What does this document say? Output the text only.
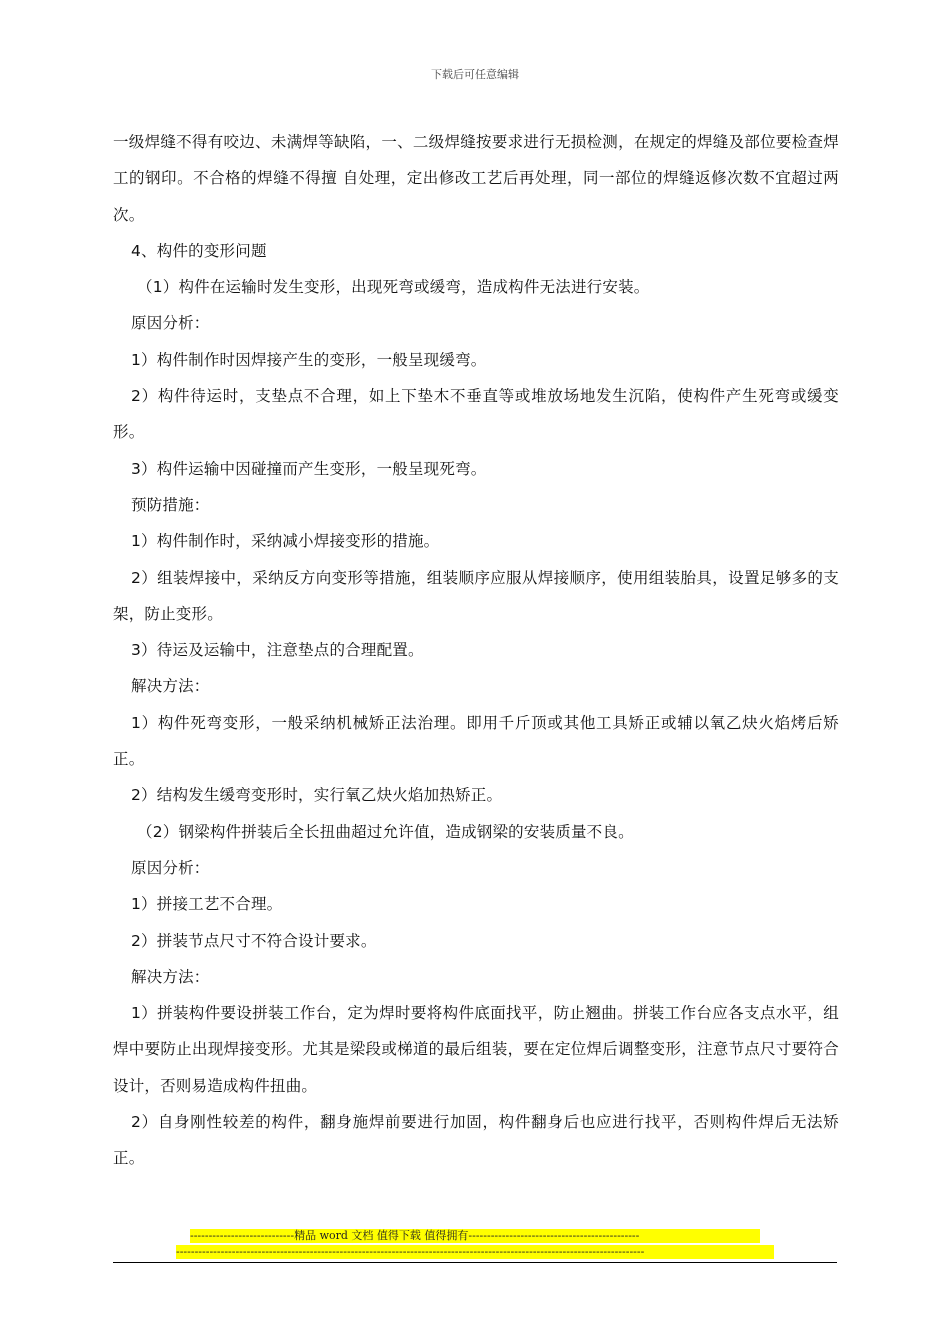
下载后可任意编辑

一级焊缝不得有咬边、未满焊等缺陷，一、二级焊缝按要求进行无损检测，在规定的焊缝及部位要检查焊工的钢印。不合格的焊缝不得擅 自处理，定出修改工艺后再处理，同一部位的焊缝返修次数不宜超过两次。

4、构件的变形问题

（1）构件在运输时发生变形，出现死弯或缓弯，造成构件无法进行安装。

原因分析：

1）构件制作时因焊接产生的变形，一般呈现缓弯。

2）构件待运时，支垫点不合理，如上下垫木不垂直等或堆放场地发生沉陷，使构件产生死弯或缓变形。

3）构件运输中因碰撞而产生变形，一般呈现死弯。

预防措施：

1）构件制作时，采纳减小焊接变形的措施。

2）组装焊接中，采纳反方向变形等措施，组装顺序应服从焊接顺序，使用组装胎具，设置足够多的支架，防止变形。

3）待运及运输中，注意垫点的合理配置。

解决方法：

1）构件死弯变形，一般采纳机械矫正法治理。即用千斤顶或其他工具矫正或辅以氧乙炔火焰烤后矫正。

2）结构发生缓弯变形时，实行氧乙炔火焰加热矫正。

（2）钢梁构件拼装后全长扭曲超过允许值，造成钢梁的安装质量不良。

原因分析：

1）拼接工艺不合理。

2）拼装节点尺寸不符合设计要求。

解决方法：

1）拼装构件要设拼装工作台，定为焊时要将构件底面找平，防止翘曲。拼装工作台应各支点水平，组焊中要防止出现焊接变形。尤其是梁段或梯道的最后组装，要在定位焊后调整变形，注意节点尺寸要符合设计，否则易造成构件扭曲。

2）自身刚性较差的构件，翻身施焊前要进行加固，构件翻身后也应进行找平，否则构件焊后无法矫正。

----------------------------精品 word 文档 值得下载 值得拥有----------------------------------------------
------------------------------------------------------------------------------------------------------------------------------
